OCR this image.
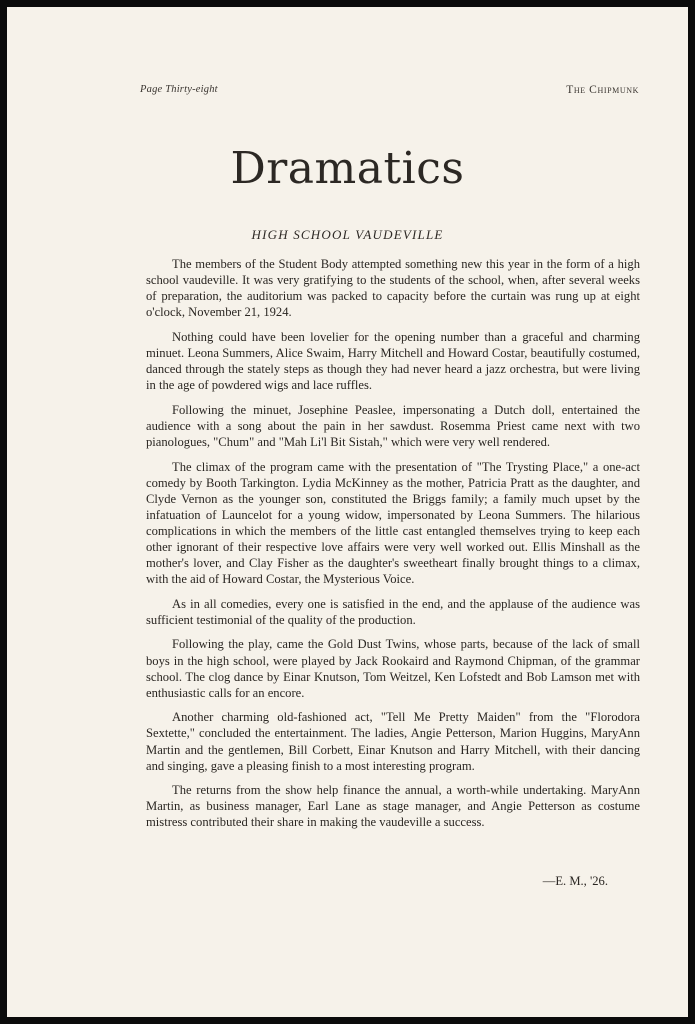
Page Thirty-eight	The Chipmunk
Dramatics
HIGH SCHOOL VAUDEVILLE

The members of the Student Body attempted something new this year in the form of a high school vaudeville. It was very gratifying to the students of the school, when, after several weeks of preparation, the auditorium was packed to capacity before the curtain was rung up at eight o'clock, November 21, 1924.

Nothing could have been lovelier for the opening number than a graceful and charming minuet. Leona Summers, Alice Swaim, Harry Mitchell and Howard Costar, beautifully costumed, danced through the stately steps as though they had never heard a jazz orchestra, but were living in the age of powdered wigs and lace ruffles.

Following the minuet, Josephine Peaslee, impersonating a Dutch doll, entertained the audience with a song about the pain in her sawdust. Rosemma Priest came next with two pianologues, "Chum" and "Mah Li'l Bit Sistah," which were very well rendered.

The climax of the program came with the presentation of "The Trysting Place," a one-act comedy by Booth Tarkington. Lydia McKinney as the mother, Patricia Pratt as the daughter, and Clyde Vernon as the younger son, constituted the Briggs family; a family much upset by the infatuation of Launcelot for a young widow, impersonated by Leona Summers. The hilarious complications in which the members of the little cast entangled themselves trying to keep each other ignorant of their respective love affairs were very well worked out. Ellis Minshall as the mother's lover, and Clay Fisher as the daughter's sweetheart finally brought things to a climax, with the aid of Howard Costar, the Mysterious Voice.

As in all comedies, every one is satisfied in the end, and the applause of the audience was sufficient testimonial of the quality of the production.

Following the play, came the Gold Dust Twins, whose parts, because of the lack of small boys in the high school, were played by Jack Rookaird and Raymond Chipman, of the grammar school. The clog dance by Einar Knutson, Tom Weitzel, Ken Lofstedt and Bob Lamson met with enthusiastic calls for an encore.

Another charming old-fashioned act, "Tell Me Pretty Maiden" from the "Florodora Sextette," concluded the entertainment. The ladies, Angie Petterson, Marion Huggins, MaryAnn Martin and the gentlemen, Bill Corbett, Einar Knutson and Harry Mitchell, with their dancing and singing, gave a pleasing finish to a most interesting program.

The returns from the show help finance the annual, a worth-while undertaking. MaryAnn Martin, as business manager, Earl Lane as stage manager, and Angie Petterson as costume mistress contributed their share in making the vaudeville a success.

—E. M., '26.
